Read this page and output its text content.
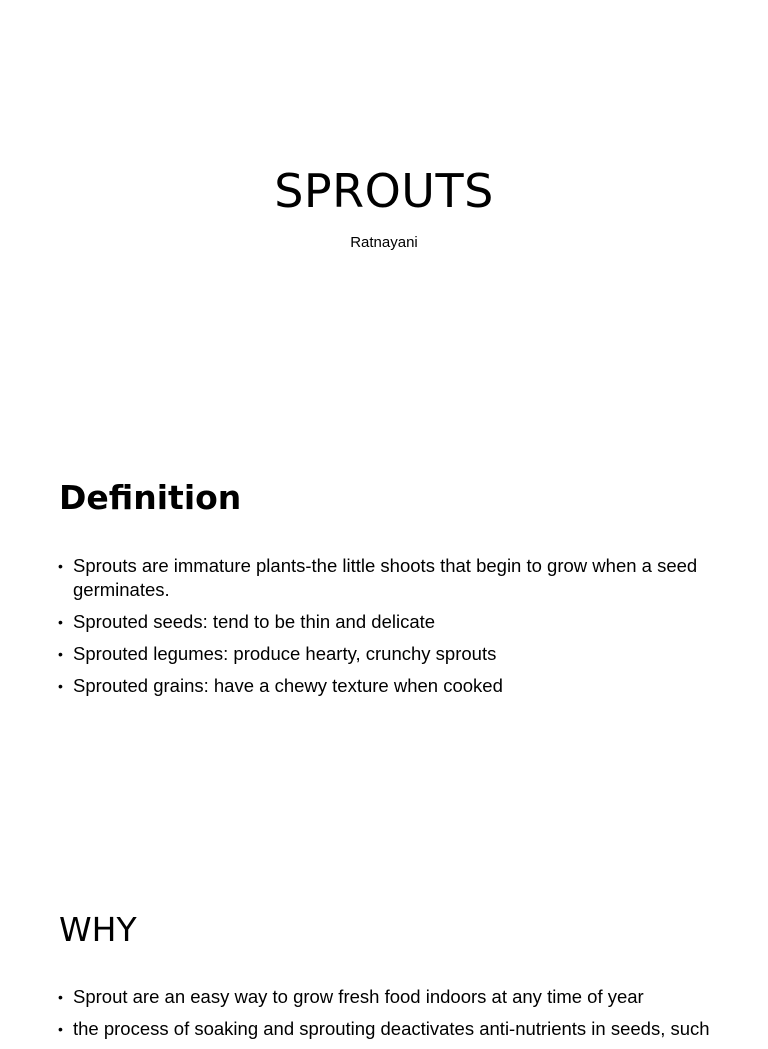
SPROUTS

Ratnayani

Definition
• Sprouts are immature plants-the little shoots that begin to grow when a seed germinates.
• Sprouted seeds: tend to be thin and delicate
• Sprouted legumes: produce hearty, crunchy sprouts
• Sprouted grains: have a chewy texture when cooked
WHY
• Sprout are an easy way to grow fresh food indoors at any time of year
• the process of soaking and sprouting deactivates anti-nutrients in seeds, such
